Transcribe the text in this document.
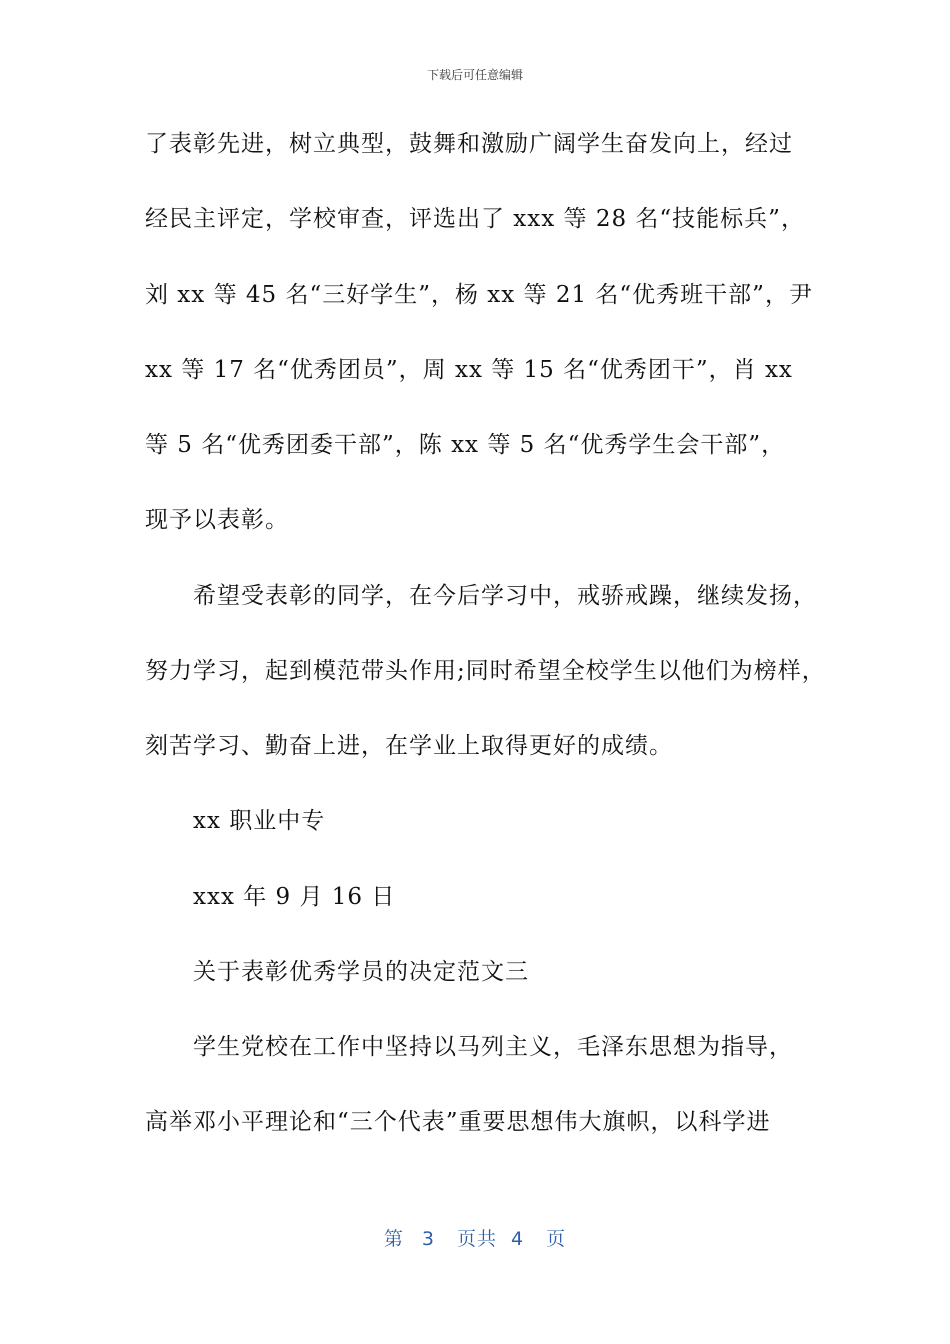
下载后可任意编辑
了表彰先进，树立典型，鼓舞和激励广阔学生奋发向上，经过
经民主评定，学校审查，评选出了 xxx 等 28 名“技能标兵”，
刘 xx 等 45 名“三好学生”，杨 xx 等 21 名“优秀班干部”，尹
xx 等 17 名“优秀团员”，周 xx 等 15 名“优秀团干”，肖 xx
等 5 名“优秀团委干部”，陈 xx 等 5 名“优秀学生会干部”，
现予以表彰。
希望受表彰的同学，在今后学习中，戒骄戒躁，继续发扬，
努力学习，起到模范带头作用;同时希望全校学生以他们为榜样，
刻苦学习、勤奋上进，在学业上取得更好的成绩。
xx 职业中专
xxx 年 9 月 16 日
关于表彰优秀学员的决定范文三
学生党校在工作中坚持以马列主义，毛泽东思想为指导，
高举邓小平理论和“三个代表”重要思想伟大旗帜，以科学进
第 3 页共 4 页
